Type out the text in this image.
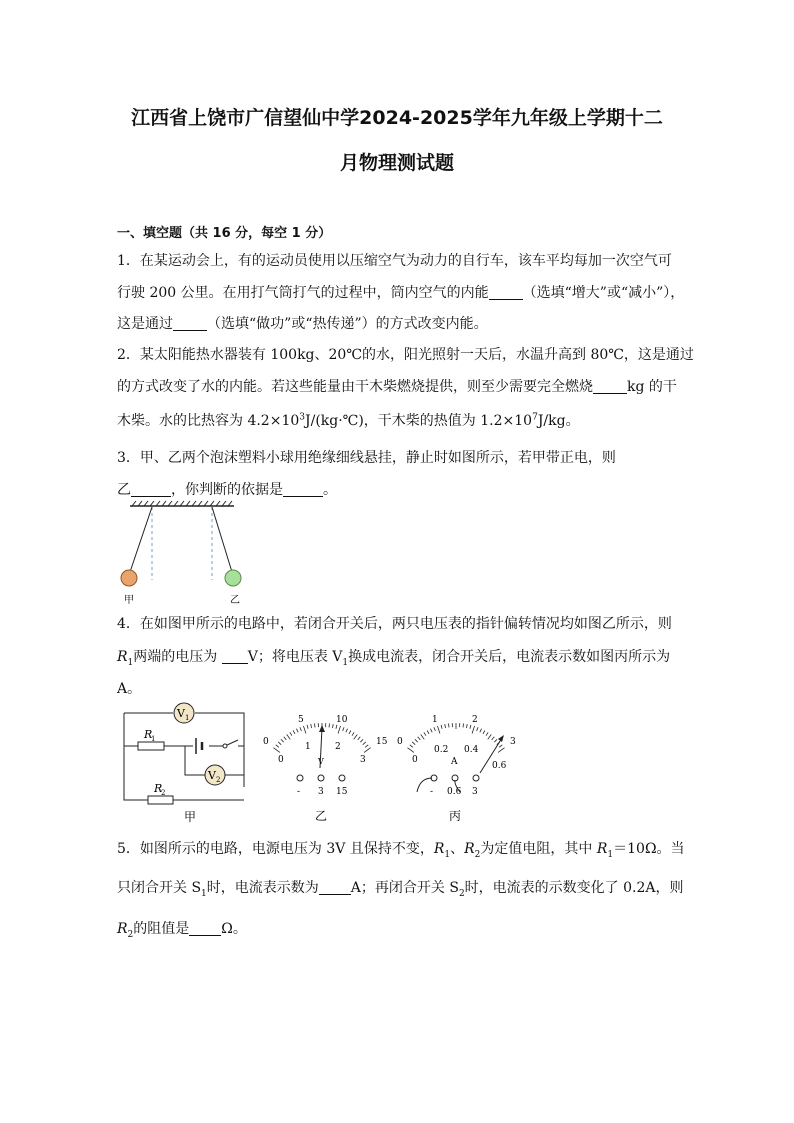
江西省上饶市广信望仙中学2024-2025学年九年级上学期十二
月物理测试题
一、填空题（共 16 分，每空 1 分）
1．在某运动会上，有的运动员使用以压缩空气为动力的自行车，该车平均每加一次空气可
行驶 200 公里。在用打气筒打气的过程中，筒内空气的内能 （选填“增大”或“减小”），
这是通过 （选填“做功”或“热传递”）的方式改变内能。
2．某太阳能热水器装有 100kg、20℃的水，阳光照射一天后，水温升高到 80℃，这是通过
的方式改变了水的内能。若这些能量由干木柴燃烧提供，则至少需要完全燃烧 kg 的干
木柴。水的比热容为 $4.2\times 10^3J/(kg\cdot℃)$，干木柴的热值为 $1.2\times 10^7J/kg$。
3．甲、乙两个泡沫塑料小球用绝缘细线悬挂，静止时如图所示，若甲带正电，则
乙	，你判断的依据是	。
甲	乙
4．在如图甲所示的电路中，若闭合开关后，两只电压表的指针偏转情况均如图乙所示，则
$R_1$两端的电压为 V；将电压表 $V_1$换成电流表，闭合开关后，电流表示数如图丙所示为
A。
V 1
R
1
V 2
R
2
甲
0
5	10
15
0
1	2
3
V
- 3 15
乙
0
1	2
3
0
0.2 0.4
0.6
A
- 0.6 3
丙
5．如图所示的电路，电源电压为 3V 且保持不变，$R_1$、$R_2$为定值电阻，其中 $R_1=10\Omega$。当
只闭合开关 $S_1$时，电流表示数为 A；再闭合开关 $S_2$时，电流表的示数变化了 0.2A，则
$R_2$的阻值是 Ω。
